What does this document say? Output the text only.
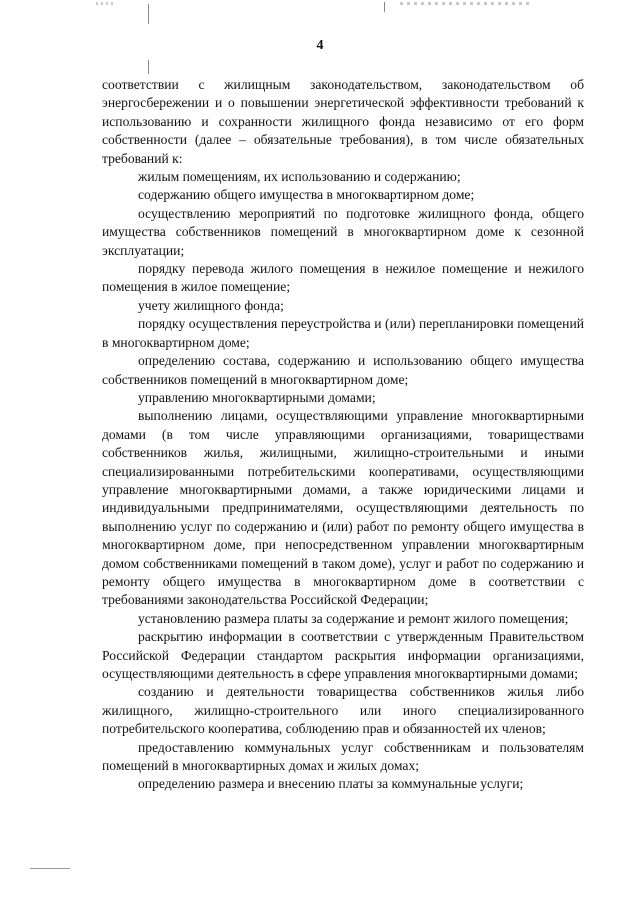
4

соответствии с жилищным законодательством, законодательством об энергосбережении и о повышении энергетической эффективности требований к использованию и сохранности жилищного фонда независимо от его форм собственности (далее – обязательные требования), в том числе обязательных требований к:

жилым помещениям, их использованию и содержанию;

содержанию общего имущества в многоквартирном доме;

осуществлению мероприятий по подготовке жилищного фонда, общего имущества собственников помещений в многоквартирном доме к сезонной эксплуатации;

порядку перевода жилого помещения в нежилое помещение и нежилого помещения в жилое помещение;

учету жилищного фонда;

порядку осуществления переустройства и (или) перепланировки помещений в многоквартирном доме;

определению состава, содержанию и использованию общего имущества собственников помещений в многоквартирном доме;

управлению многоквартирными домами;

выполнению лицами, осуществляющими управление многоквартирными домами (в том числе управляющими организациями, товариществами собственников жилья, жилищными, жилищно-строительными и иными специализированными потребительскими кооперативами, осуществляющими управление многоквартирными домами, а также юридическими лицами и индивидуальными предпринимателями, осуществляющими деятельность по выполнению услуг по содержанию и (или) работ по ремонту общего имущества в многоквартирном доме, при непосредственном управлении многоквартирным домом собственниками помещений в таком доме), услуг и работ по содержанию и ремонту общего имущества в многоквартирном доме в соответствии с требованиями законодательства Российской Федерации;

установлению размера платы за содержание и ремонт жилого помещения;

раскрытию информации в соответствии с утвержденным Правительством Российской Федерации стандартом раскрытия информации организациями, осуществляющими деятельность в сфере управления многоквартирными домами;

созданию и деятельности товарищества собственников жилья либо жилищного, жилищно-строительного или иного специализированного потребительского кооператива, соблюдению прав и обязанностей их членов;

предоставлению коммунальных услуг собственникам и пользователям помещений в многоквартирных домах и жилых домах;

определению размера и внесению платы за коммунальные услуги;
